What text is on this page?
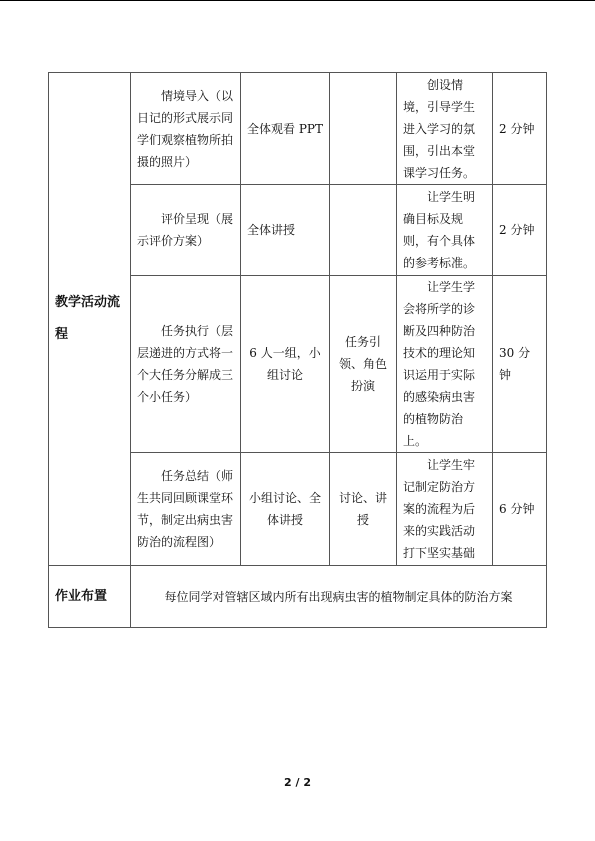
教学活动流程	情境导入（以日记的形式展示同学们观察植物所拍摄的照片）	全体观看 PPT		创设情境，引导学生进入学习的氛围，引出本堂课学习任务。	2 分钟
	评价呈现（展示评价方案）	全体讲授		让学生明确目标及规则，有个具体的参考标准。	2 分钟
	任务执行（层层递进的方式将一个大任务分解成三个小任务）	6 人一组，小组讨论	任务引领、角色扮演	让学生学会将所学的诊断及四种防治技术的理论知识运用于实际的感染病虫害的植物防治上。	30 分钟
	任务总结（师生共同回顾课堂环节，制定出病虫害防治的流程图）	小组讨论、全体讲授	讨论、讲授	让学生牢记制定防治方案的流程为后来的实践活动打下坚实基础	6 分钟
作业布置	每位同学对管辖区域内所有出现病虫害的植物制定具体的防治方案				
2 / 2
